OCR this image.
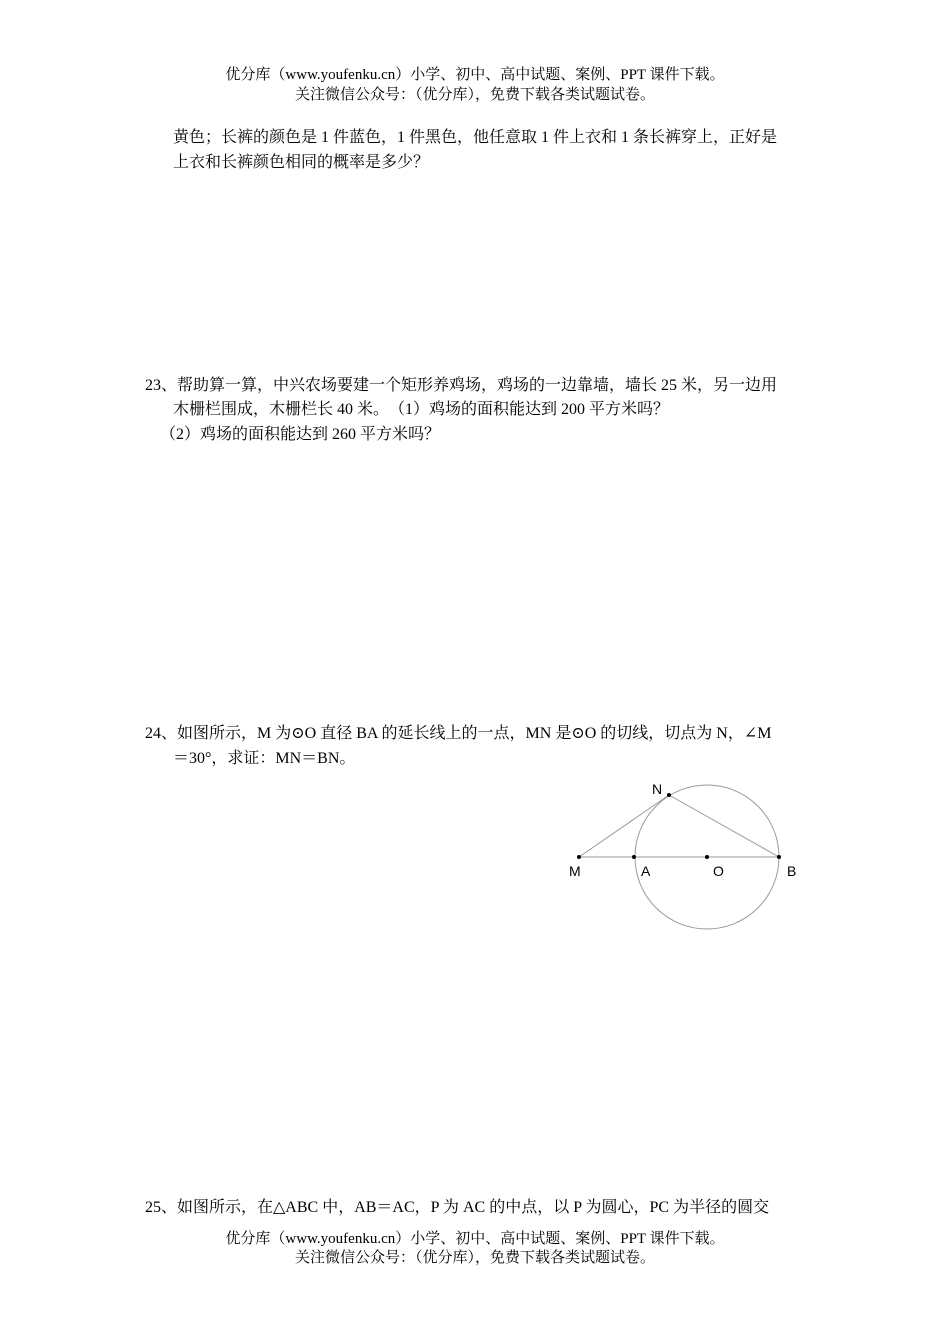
优分库（www.youfenku.cn）小学、初中、高中试题、案例、PPT 课件下载。
关注微信公众号：（优分库），免费下载各类试题试卷。
黄色；长裤的颜色是 1 件蓝色，1 件黑色，他任意取 1 件上衣和 1 条长裤穿上，正好是
上衣和长裤颜色相同的概率是多少？
23、帮助算一算，中兴农场要建一个矩形养鸡场，鸡场的一边靠墙，墙长 25 米，另一边用
木栅栏围成，木栅栏长 40 米。　（1）鸡场的面积能达到 200 平方米吗？
（2）鸡场的面积能达到 260 平方米吗？
24、如图所示，M 为⊙O 直径 BA 的延长线上的一点，MN 是⊙O 的切线，切点为 N，∠M
＝30°，求证：MN＝BN。
N
M	A	O	B
25、如图所示，在△ABC 中，AB＝AC，P 为 AC 的中点，以 P 为圆心，PC 为半径的圆交
优分库（www.youfenku.cn）小学、初中、高中试题、案例、PPT 课件下载。
关注微信公众号：（优分库），免费下载各类试题试卷。
